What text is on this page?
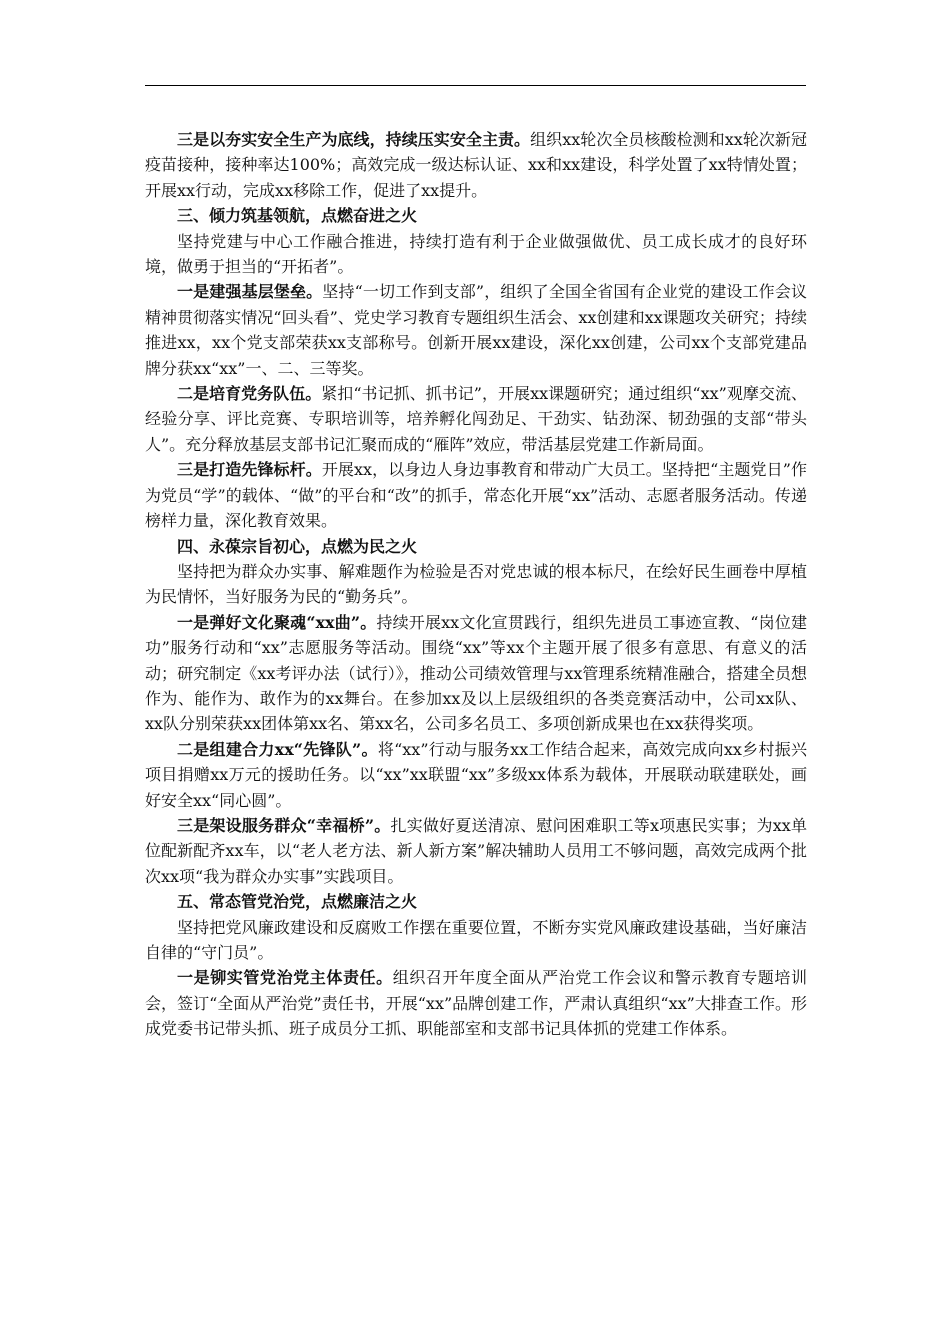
三是以夯实安全生产为底线，持续压实安全主责。组织xx轮次全员核酸检测和xx轮次新冠疫苗接种，接种率达100%；高效完成一级达标认证、xx和xx建设，科学处置了xx特情处置；开展xx行动，完成xx移除工作，促进了xx提升。

三、倾力筑基领航，点燃奋进之火

坚持党建与中心工作融合推进，持续打造有利于企业做强做优、员工成长成才的良好环境，做勇于担当的“开拓者”。

一是建强基层堡垒。坚持“一切工作到支部”，组织了全国全省国有企业党的建设工作会议精神贯彻落实情况“回头看”、党史学习教育专题组织生活会、xx创建和xx课题攻关研究；持续推进xx，xx个党支部荣获xx支部称号。创新开展xx建设，深化xx创建，公司xx个支部党建品牌分获xx“xx”一、二、三等奖。

二是培育党务队伍。紧扣“书记抓、抓书记”，开展xx课题研究；通过组织“xx”观摩交流、经验分享、评比竞赛、专职培训等，培养孵化闯劲足、干劲实、钻劲深、韧劲强的支部“带头人”。充分释放基层支部书记汇聚而成的“雁阵”效应，带活基层党建工作新局面。

三是打造先锋标杆。开展xx，以身边人身边事教育和带动广大员工。坚持把“主题党日”作为党员“学”的载体、“做”的平台和“改”的抓手，常态化开展“xx”活动、志愿者服务活动。传递榜样力量，深化教育效果。

四、永葆宗旨初心，点燃为民之火

坚持把为群众办实事、解难题作为检验是否对党忠诚的根本标尺，在绘好民生画卷中厚植为民情怀，当好服务为民的“勤务兵”。

一是弹好文化聚魂“xx曲”。持续开展xx文化宣贯践行，组织先进员工事迹宣教、“岗位建功”服务行动和“xx”志愿服务等活动。围绕“xx”等xx个主题开展了很多有意思、有意义的活动；研究制定《xx考评办法（试行）》，推动公司绩效管理与xx管理系统精准融合，搭建全员想作为、能作为、敢作为的xx舞台。在参加xx及以上层级组织的各类竞赛活动中，公司xx队、xx队分别荣获xx团体第xx名、第xx名，公司多名员工、多项创新成果也在xx获得奖项。

二是组建合力xx“先锋队”。将“xx”行动与服务xx工作结合起来，高效完成向xx乡村振兴项目捐赠xx万元的援助任务。以“xx”xx联盟“xx”多级xx体系为载体，开展联动联建联处，画好安全xx“同心圆”。

三是架设服务群众“幸福桥”。扎实做好夏送清凉、慰问困难职工等x项惠民实事；为xx单位配新配齐xx车，以“老人老方法、新人新方案”解决辅助人员用工不够问题，高效完成两个批次xx项“我为群众办实事”实践项目。

五、常态管党治党，点燃廉洁之火

坚持把党风廉政建设和反腐败工作摆在重要位置，不断夯实党风廉政建设基础，当好廉洁自律的“守门员”。

一是铆实管党治党主体责任。组织召开年度全面从严治党工作会议和警示教育专题培训会，签订“全面从严治党”责任书，开展“xx”品牌创建工作，严肃认真组织“xx”大排查工作。形成党委书记带头抓、班子成员分工抓、职能部室和支部书记具体抓的党建工作体系。
